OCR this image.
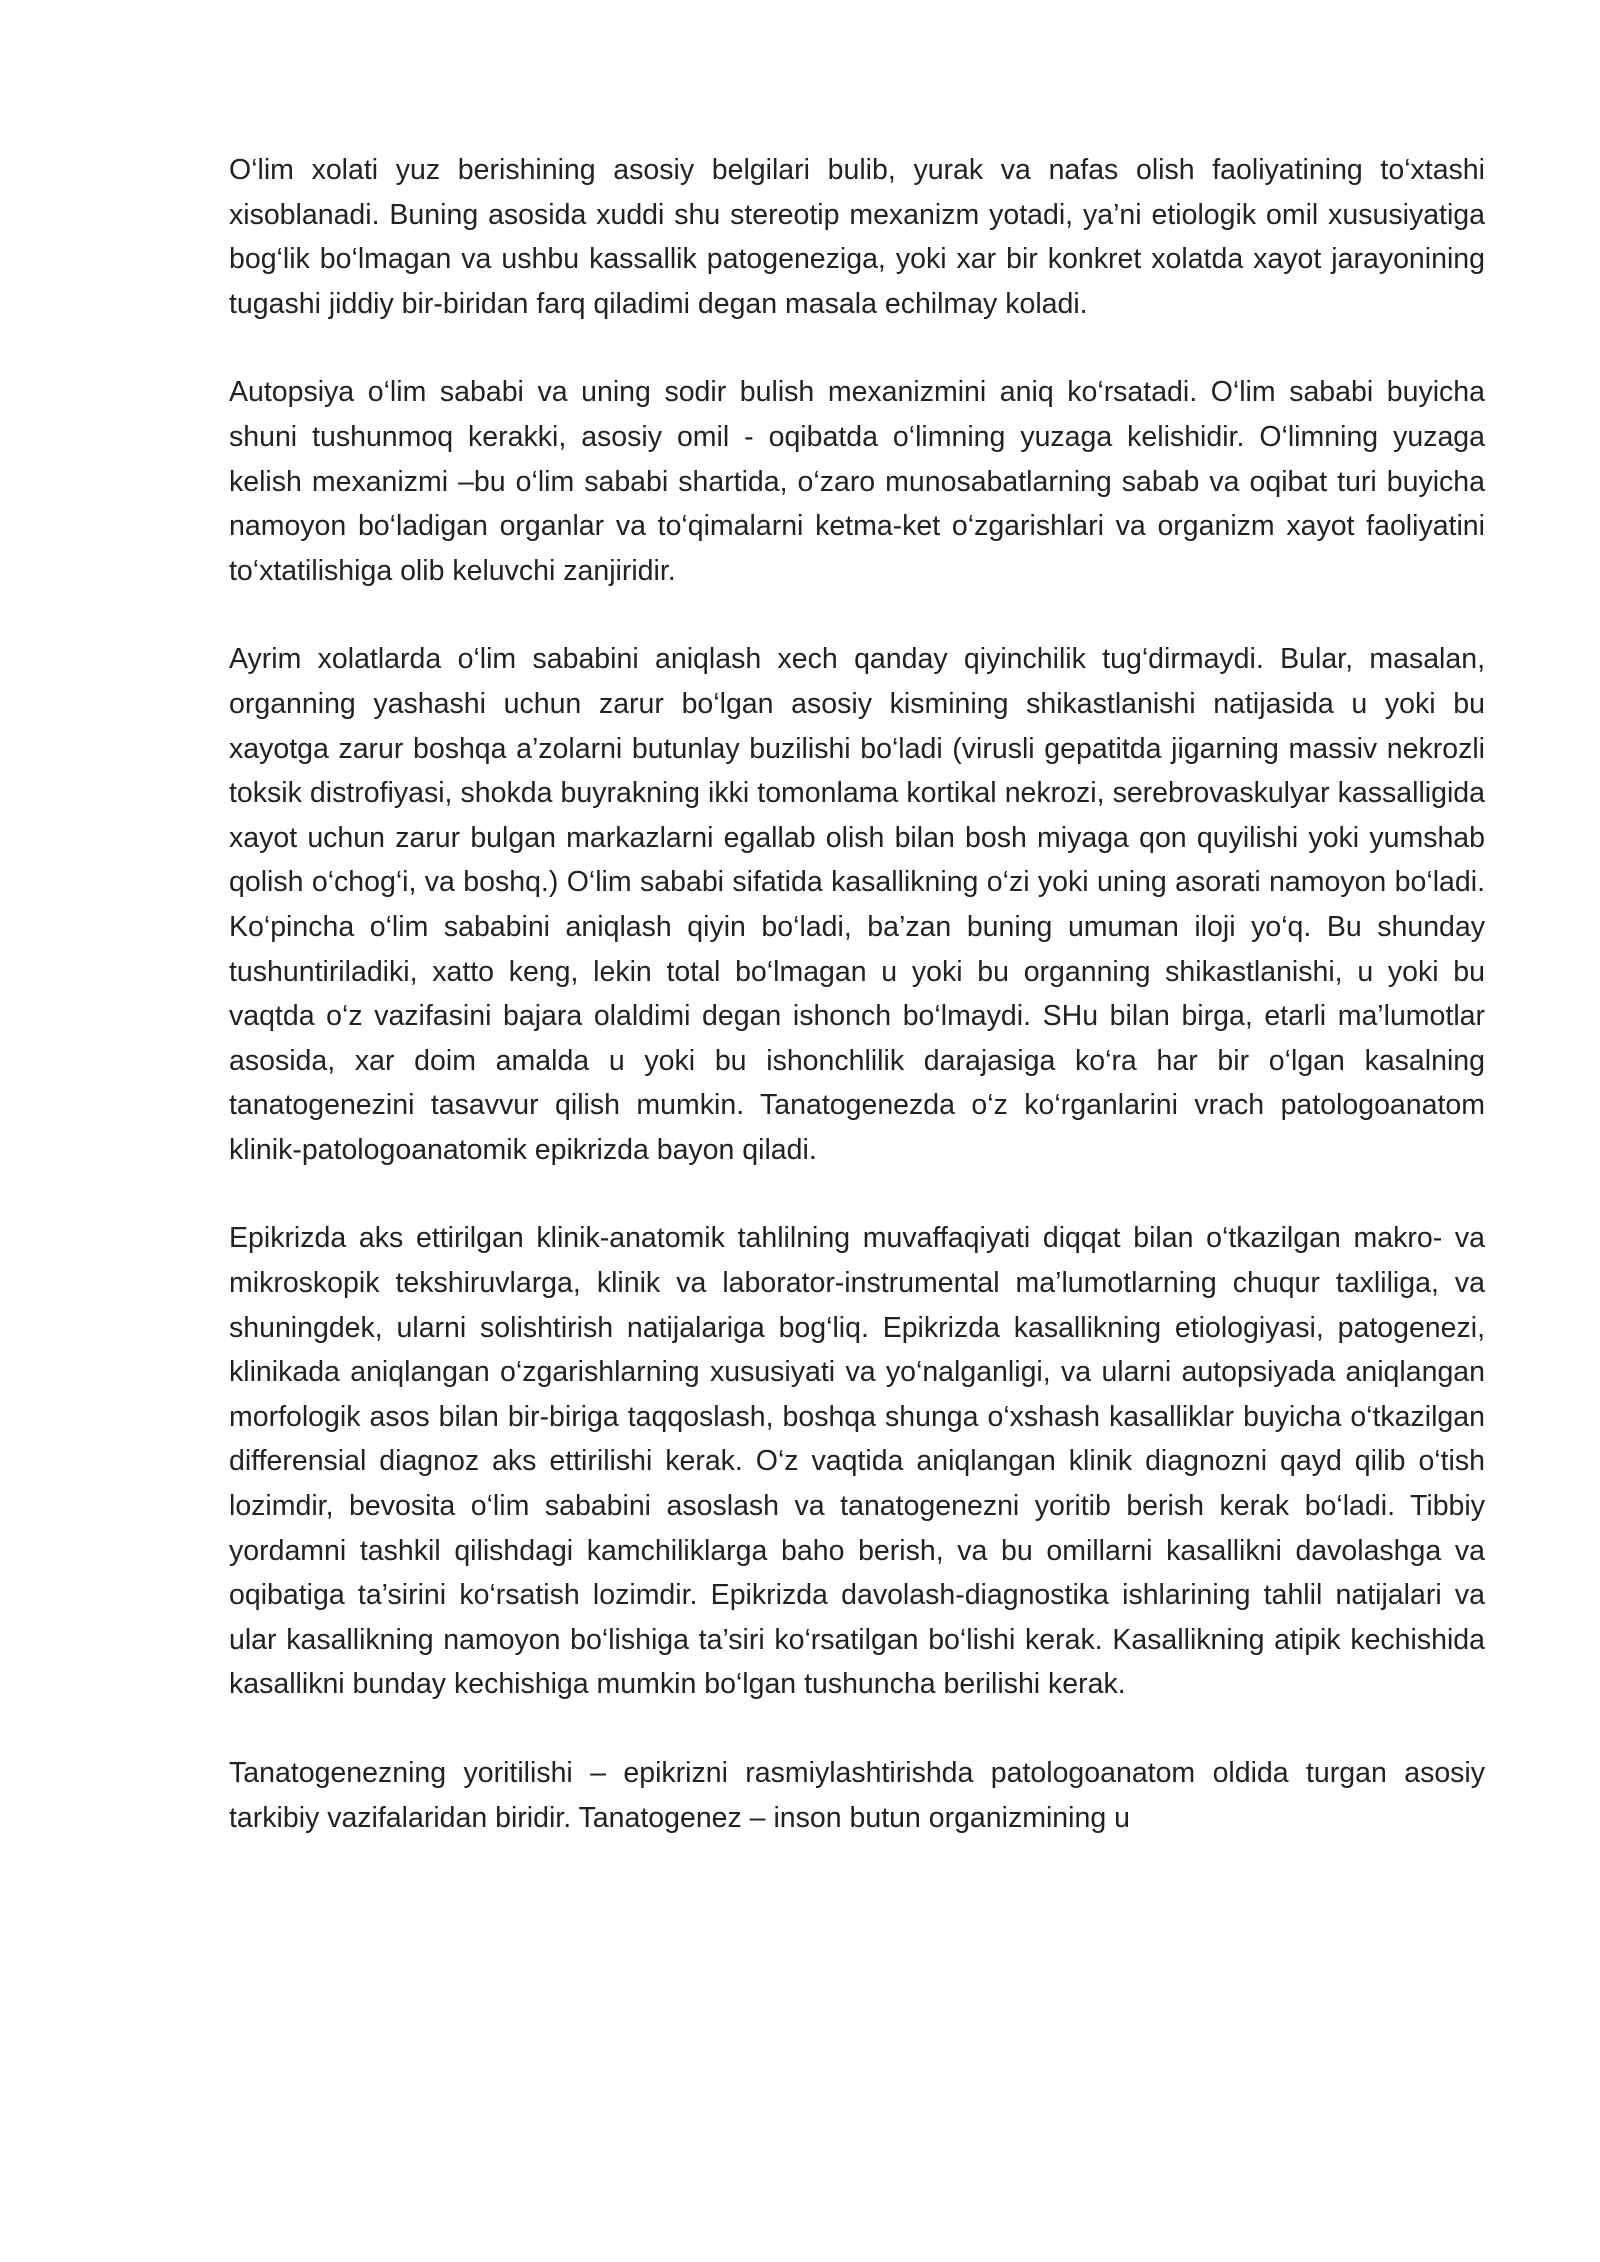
O‘lim xolati yuz berishining asosiy belgilari bulib, yurak va nafas olish faoliyatining to‘xtashi xisoblanadi. Buning asosida xuddi shu stereotip mexanizm yotadi, ya’ni etiologik omil xususiyatiga bog‘lik bo‘lmagan va ushbu kassallik patogeneziga, yoki xar bir konkret xolatda xayot jarayonining tugashi jiddiy bir-biridan farq qiladimi degan masala echilmay koladi.

Autopsiya o‘lim sababi va uning sodir bulish mexanizmini aniq ko‘rsatadi. O‘lim sababi buyicha shuni tushunmoq kerakki, asosiy omil - oqibatda o‘limning yuzaga kelishidir. O‘limning yuzaga kelish mexanizmi –bu o‘lim sababi shartida, o‘zaro munosabatlarning sabab va oqibat turi buyicha namoyon bo‘ladigan organlar va to‘qimalarni ketma-ket o‘zgarishlari va organizm xayot faoliyatini to‘xtatilishiga olib keluvchi zanjiridir.

Ayrim xolatlarda o‘lim sababini aniqlash xech qanday qiyinchilik tug‘dirmaydi. Bular, masalan, organning yashashi uchun zarur bo‘lgan asosiy kismining shikastlanishi natijasida u yoki bu xayotga zarur boshqa a’zolarni butunlay buzilishi bo‘ladi (virusli gepatitda jigarning massiv nekrozli toksik distrofiyasi, shokda buyrakning ikki tomonlama kortikal nekrozi, serebrovaskulyar kassalligida xayot uchun zarur bulgan markazlarni egallab olish bilan bosh miyaga qon quyilishi yoki yumshab qolish o‘chog‘i, va boshq.) O‘lim sababi sifatida kasallikning o‘zi yoki uning asorati namoyon bo‘ladi. Ko‘pincha o‘lim sababini aniqlash qiyin bo‘ladi, ba’zan buning umuman iloji yo‘q. Bu shunday tushuntiriladiki, xatto keng, lekin total bo‘lmagan u yoki bu organning shikastlanishi, u yoki bu vaqtda o‘z vazifasini bajara olaldimi degan ishonch bo‘lmaydi. SHu bilan birga, etarli ma’lumotlar asosida, xar doim amalda u yoki bu ishonchlilik darajasiga ko‘ra har bir o‘lgan kasalning tanatogenezini tasavvur qilish mumkin. Tanatogenezda o‘z ko‘rganlarini vrach patologoanatom klinik-patologoanatomik epikrizda bayon qiladi.

Epikrizda aks ettirilgan klinik-anatomik tahlilning muvaffaqiyati diqqat bilan o‘tkazilgan makro- va mikroskopik tekshiruvlarga, klinik va laborator-instrumental ma’lumotlarning chuqur taxliliga, va shuningdek, ularni solishtirish natijalariga bog‘liq. Epikrizda kasallikning etiologiyasi, patogenezi, klinikada aniqlangan o‘zgarishlarning xususiyati va yo‘nalganligi, va ularni autopsiyada aniqlangan morfologik asos bilan bir-biriga taqqoslash, boshqa shunga o‘xshash kasalliklar buyicha o‘tkazilgan differensial diagnoz aks ettirilishi kerak. O‘z vaqtida aniqlangan klinik diagnozni qayd qilib o‘tish lozimdir, bevosita o‘lim sababini asoslash va tanatogenezni yoritib berish kerak bo‘ladi. Tibbiy yordamni tashkil qilishdagi kamchiliklarga baho berish, va bu omillarni kasallikni davolashga va oqibatiga ta’sirini ko‘rsatish lozimdir. Epikrizda davolash-diagnostika ishlarining tahlil natijalari va ular kasallikning namoyon bo‘lishiga ta’siri ko‘rsatilgan bo‘lishi kerak. Kasallikning atipik kechishida kasallikni bunday kechishiga mumkin bo‘lgan tushuncha berilishi kerak.

Tanatogenezning yoritilishi – epikrizni rasmiylashtirishda patologoanatom oldida turgan asosiy tarkibiy vazifalaridan biridir. Tanatogenez – inson butun organizmining u
